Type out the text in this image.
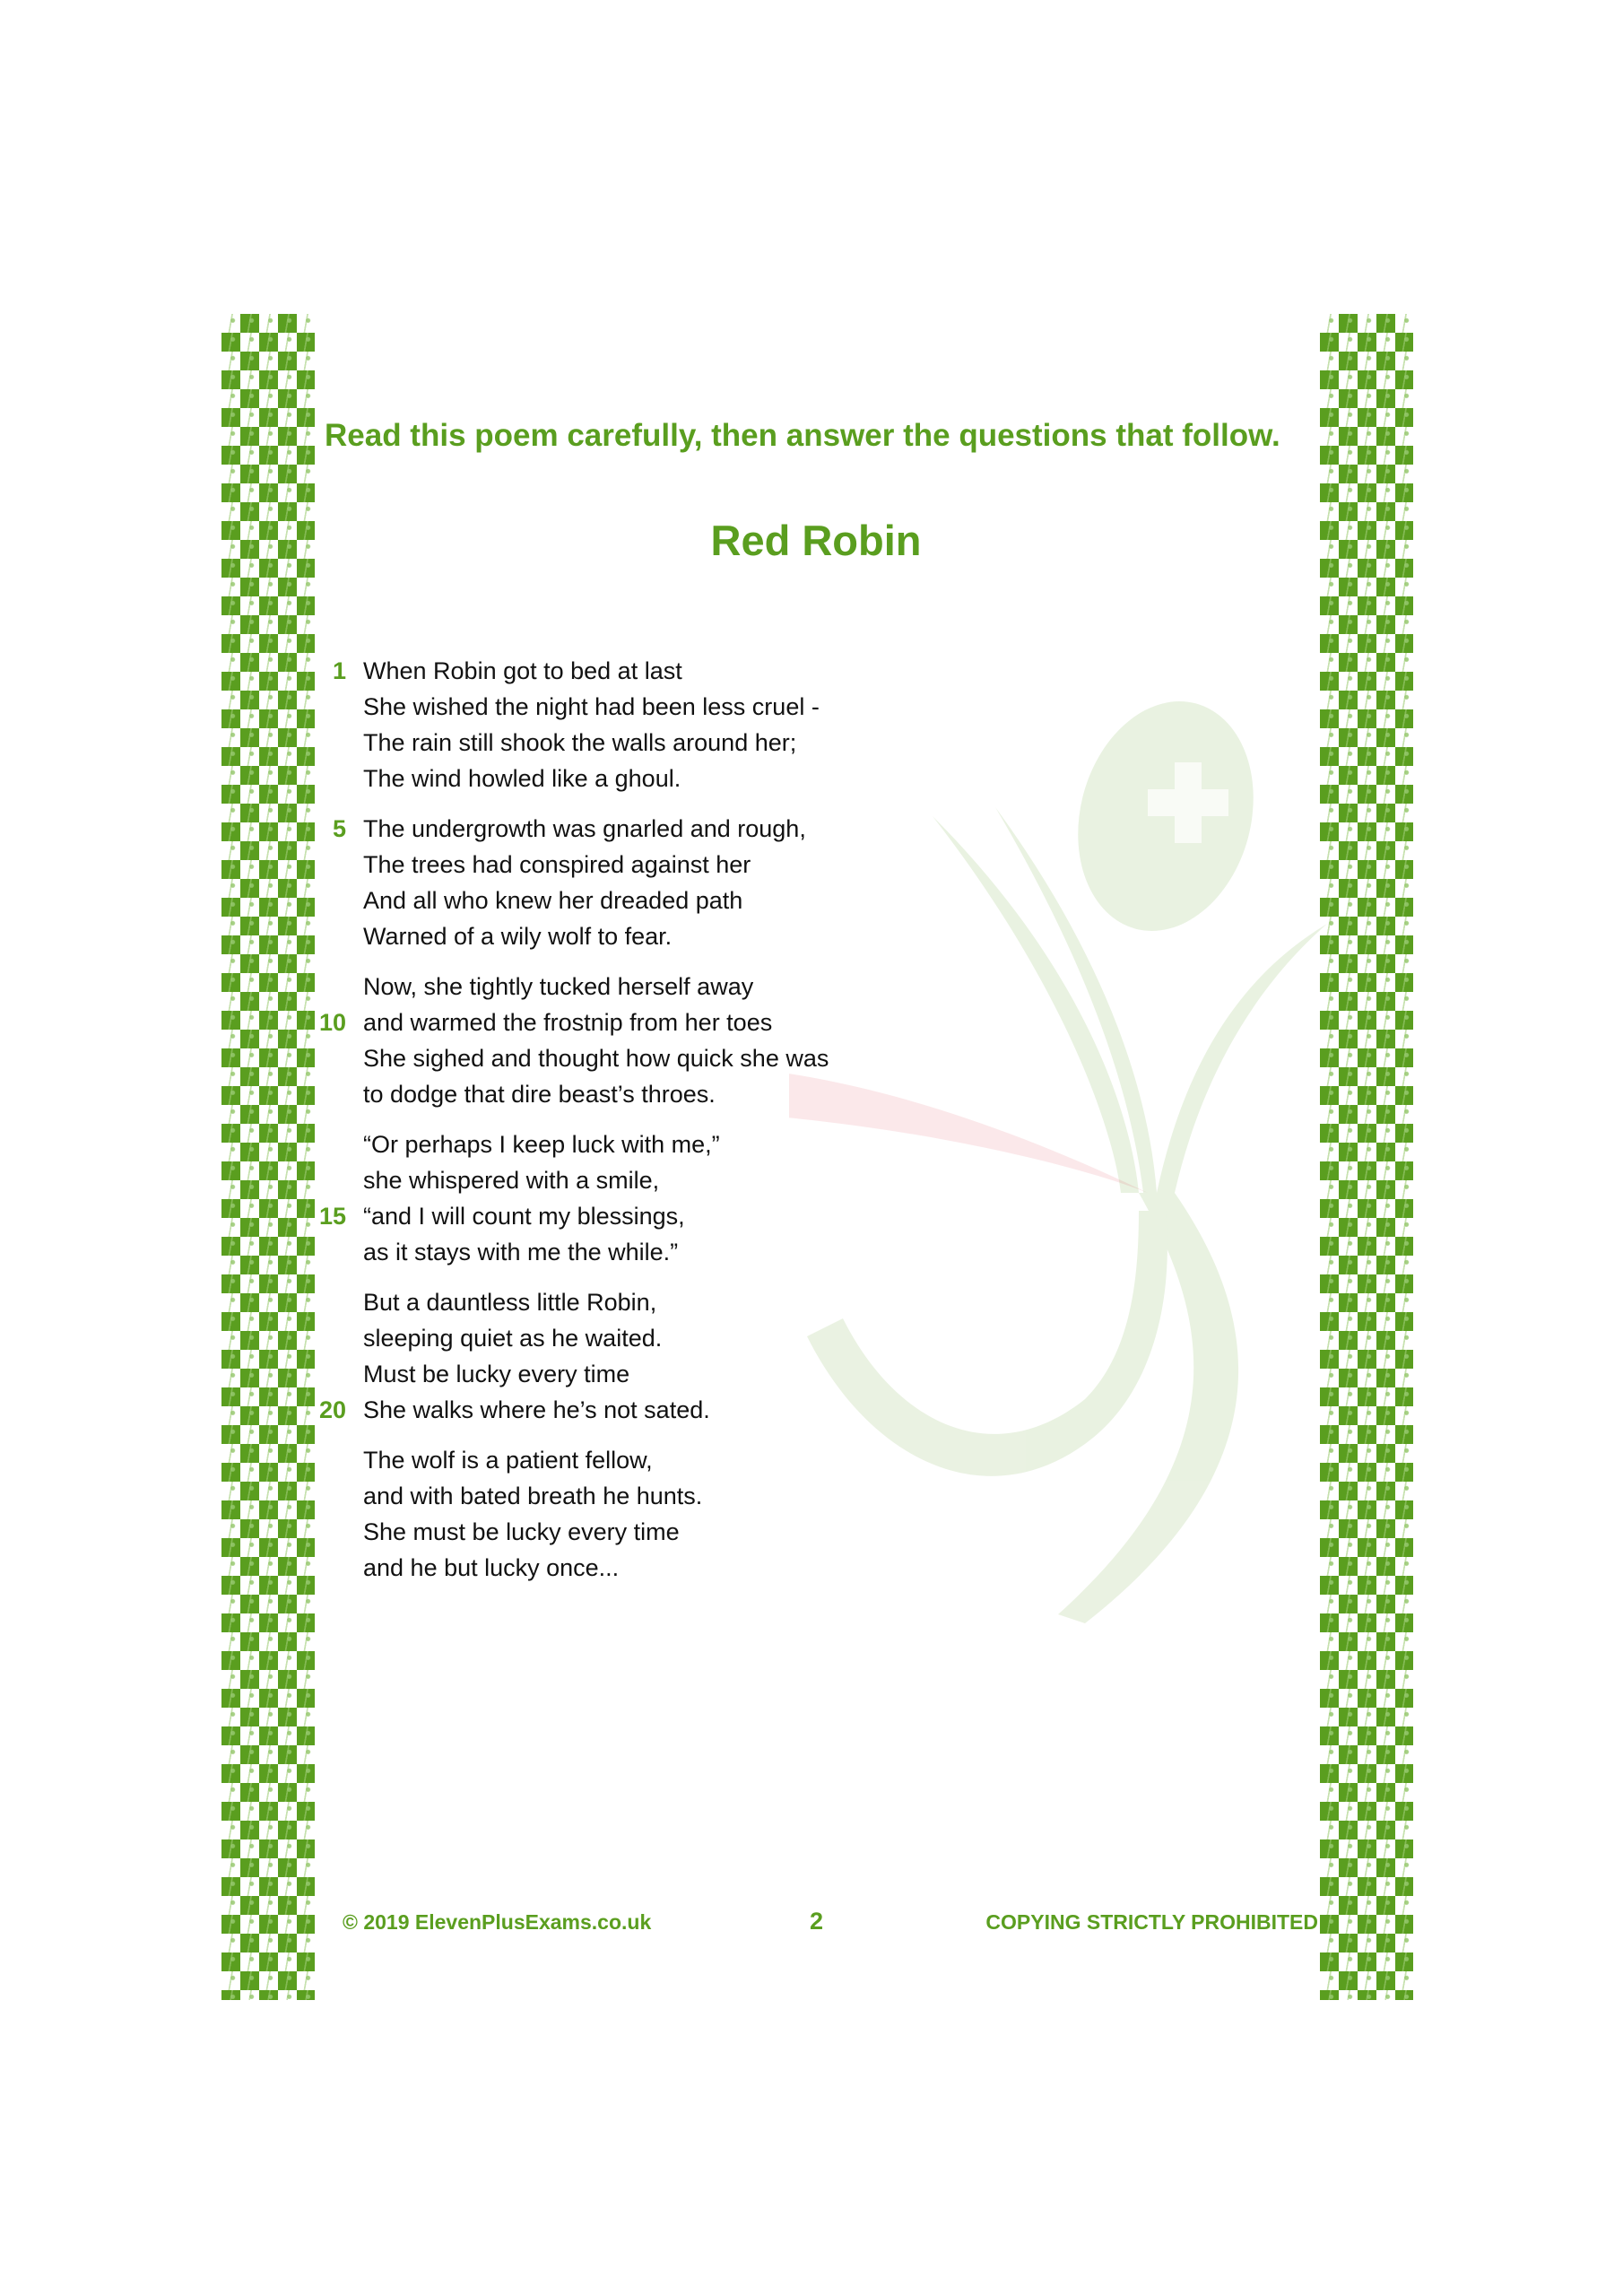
Read this poem carefully, then answer the questions that follow.
Red Robin
1 When Robin got to bed at last
She wished the night had been less cruel -
The rain still shook the walls around her;
The wind howled like a ghoul.
5 The undergrowth was gnarled and rough,
The trees had conspired against her
And all who knew her dreaded path
Warned of a wily wolf to fear.
Now, she tightly tucked herself away
10 and warmed the frostnip from her toes
She sighed and thought how quick she was
to dodge that dire beast’s throes.
“Or perhaps I keep luck with me,”
she whispered with a smile,
15 “and I will count my blessings,
as it stays with me the while.”
But a dauntless little Robin,
sleeping quiet as he waited.
Must be lucky every time
20 She walks where he’s not sated.
The wolf is a patient fellow,
and with bated breath he hunts.
She must be lucky every time
and he but lucky once...
© 2019 ElevenPlusExams.co.uk	2	COPYING STRICTLY PROHIBITED
